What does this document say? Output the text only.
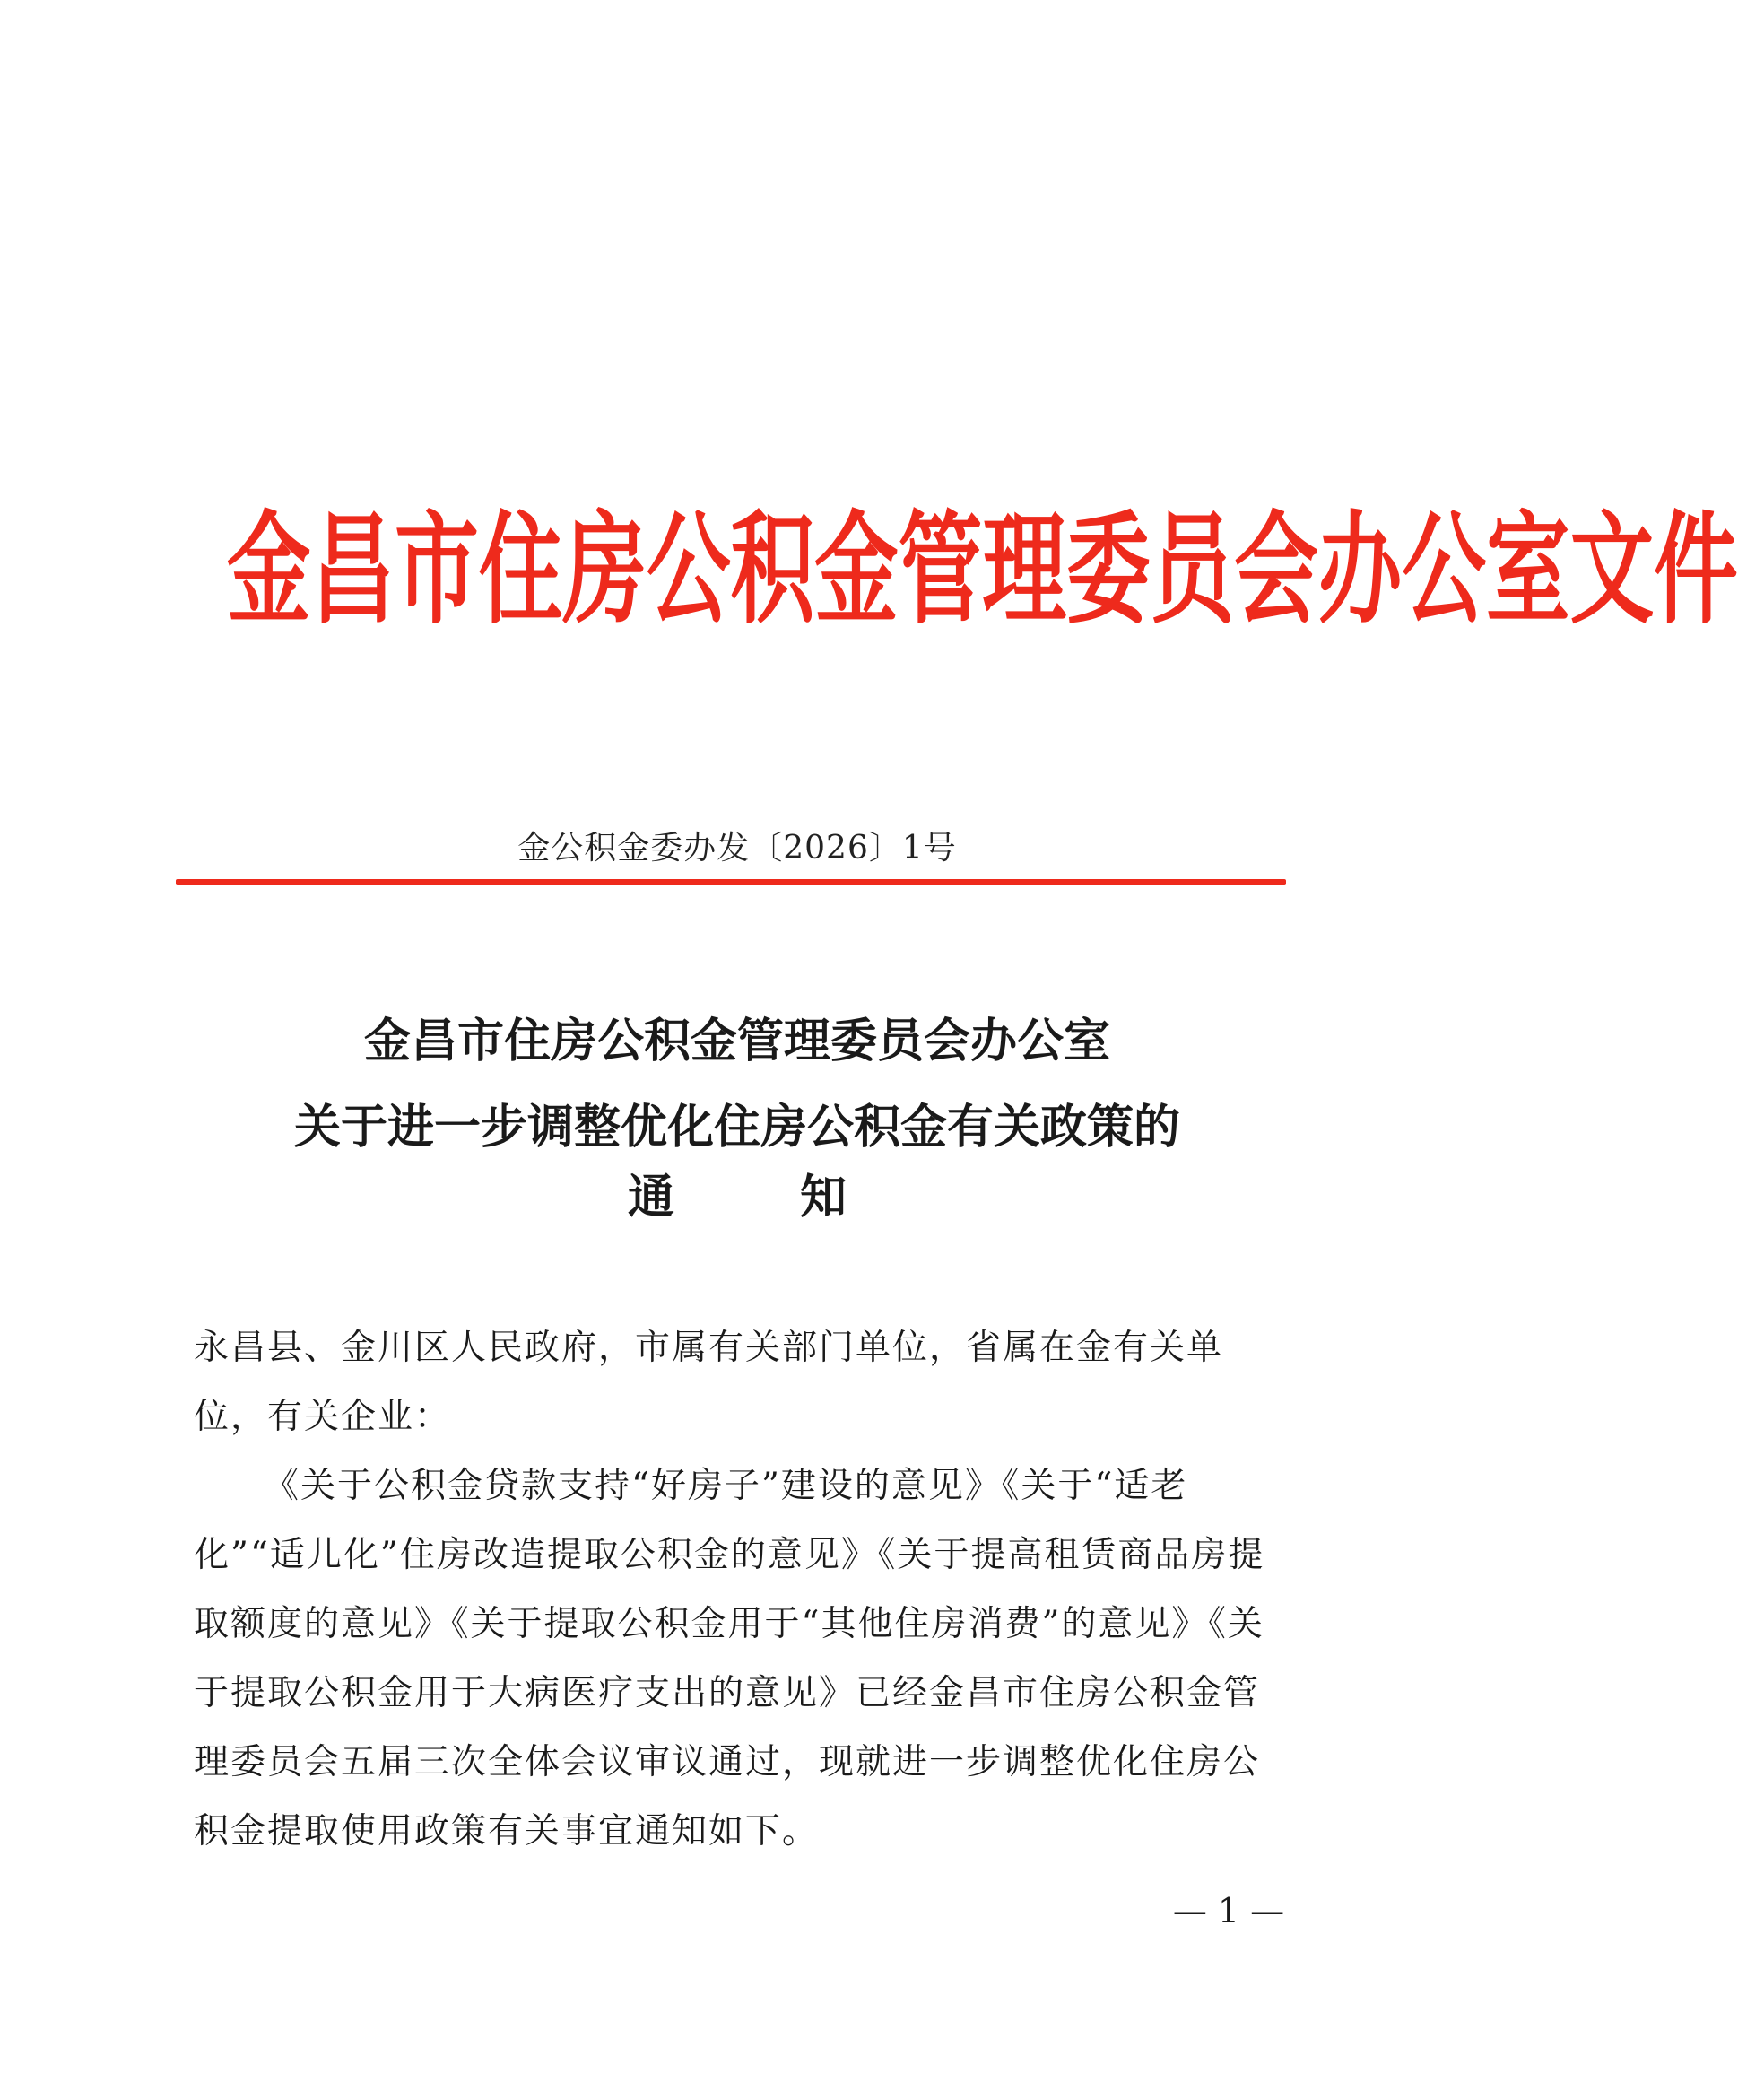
金昌市住房公积金管理委员会办公室文件
金公积金委办发〔2026〕1号
金昌市住房公积金管理委员会办公室
关于进一步调整优化住房公积金有关政策的
通知
永昌县、金川区人民政府，市属有关部门单位，省属在金有关单位，有关企业：
《关于公积金贷款支持“好房子”建设的意见》《关于“适老化”“适儿化”住房改造提取公积金的意见》《关于提高租赁商品房提取额度的意见》《关于提取公积金用于“其他住房消费”的意见》《关于提取公积金用于大病医疗支出的意见》已经金昌市住房公积金管理委员会五届三次全体会议审议通过，现就进一步调整优化住房公积金提取使用政策有关事宜通知如下。
— 1 —
